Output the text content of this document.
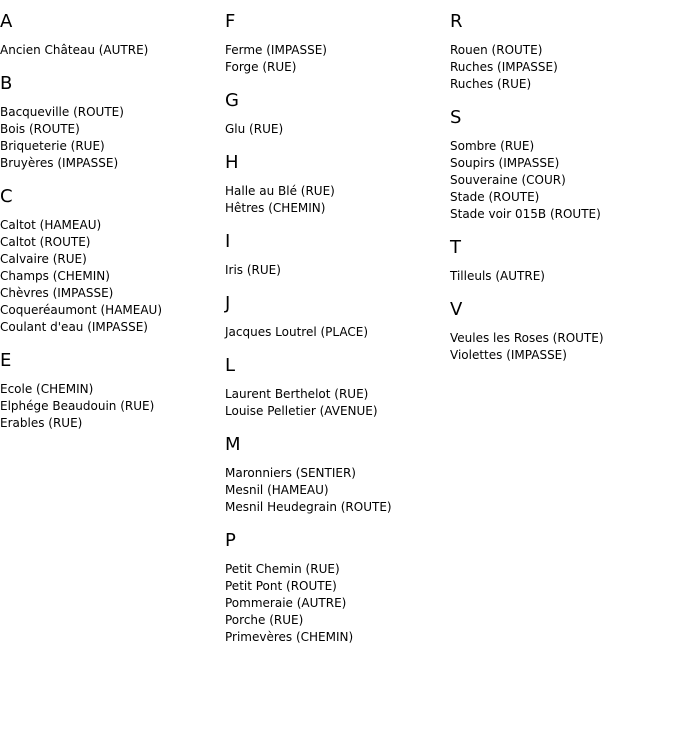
A
Ancien Château (AUTRE)
B
Bacqueville (ROUTE)
Bois (ROUTE)
Briqueterie (RUE)
Bruyères (IMPASSE)
C
Caltot (HAMEAU)
Caltot (ROUTE)
Calvaire (RUE)
Champs (CHEMIN)
Chèvres (IMPASSE)
Coqueréaumont (HAMEAU)
Coulant d'eau (IMPASSE)
E
Ecole (CHEMIN)
Elphége Beaudouin (RUE)
Erables (RUE)
F
Ferme (IMPASSE)
Forge (RUE)
G
Glu (RUE)
H
Halle au Blé (RUE)
Hêtres (CHEMIN)
I
Iris (RUE)
J
Jacques Loutrel (PLACE)
L
Laurent Berthelot (RUE)
Louise Pelletier (AVENUE)
M
Maronniers (SENTIER)
Mesnil (HAMEAU)
Mesnil Heudegrain (ROUTE)
P
Petit Chemin (RUE)
Petit Pont (ROUTE)
Pommeraie (AUTRE)
Porche (RUE)
Primevères (CHEMIN)
R
Rouen (ROUTE)
Ruches (IMPASSE)
Ruches (RUE)
S
Sombre (RUE)
Soupirs (IMPASSE)
Souveraine (COUR)
Stade (ROUTE)
Stade voir 015B (ROUTE)
T
Tilleuls (AUTRE)
V
Veules les Roses (ROUTE)
Violettes (IMPASSE)
